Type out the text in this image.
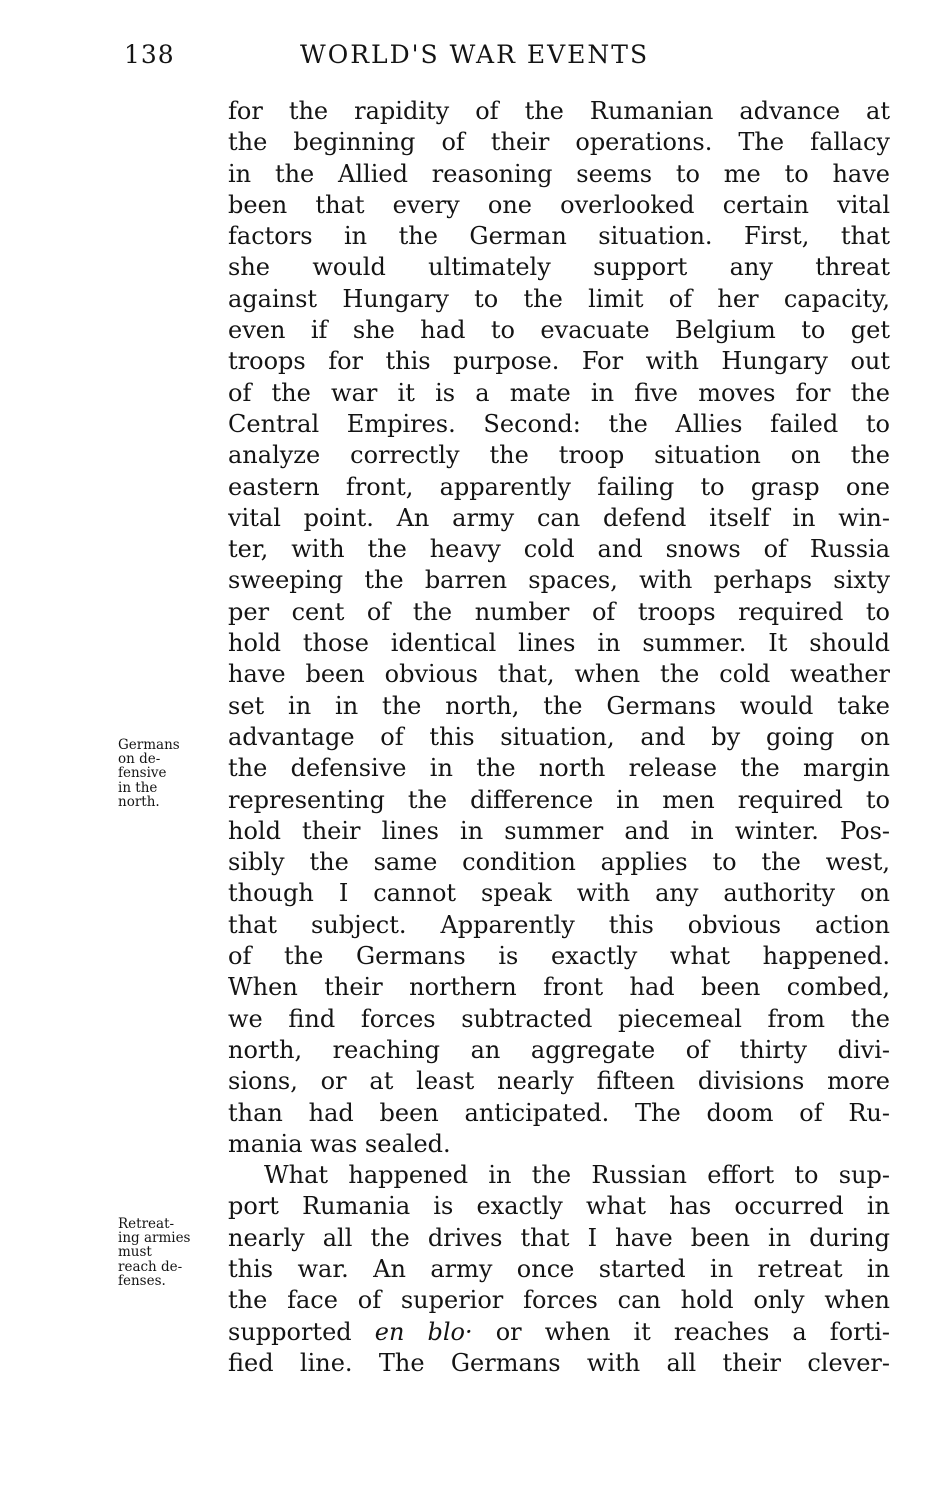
138	WORLD'S WAR EVENTS
Germans
on de-
fensive
in the
north.
Retreat-
ing armies
must
reach de-
fenses.
for the rapidity of the Rumanian advance at
the beginning of their operations. The fallacy
in the Allied reasoning seems to me to have
been that every one overlooked certain vital
factors in the German situation. First, that
she would ultimately support any threat
against Hungary to the limit of her capacity,
even if she had to evacuate Belgium to get
troops for this purpose. For with Hungary out
of the war it is a mate in five moves for the
Central Empires. Second: the Allies failed to
analyze correctly the troop situation on the
eastern front, apparently failing to grasp one
vital point. An army can defend itself in win-
ter, with the heavy cold and snows of Russia
sweeping the barren spaces, with perhaps sixty
per cent of the number of troops required to
hold those identical lines in summer. It should
have been obvious that, when the cold weather
set in in the north, the Germans would take
advantage of this situation, and by going on
the defensive in the north release the margin
representing the difference in men required to
hold their lines in summer and in winter. Pos-
sibly the same condition applies to the west,
though I cannot speak with any authority on
that subject. Apparently this obvious action
of the Germans is exactly what happened.
When their northern front had been combed,
we find forces subtracted piecemeal from the
north, reaching an aggregate of thirty divi-
sions, or at least nearly fifteen divisions more
than had been anticipated. The doom of Ru-
mania was sealed.
What happened in the Russian effort to sup-
port Rumania is exactly what has occurred in
nearly all the drives that I have been in during
this war. An army once started in retreat in
the face of superior forces can hold only when
supported en blo· or when it reaches a forti-
fied line. The Germans with all their clever-
